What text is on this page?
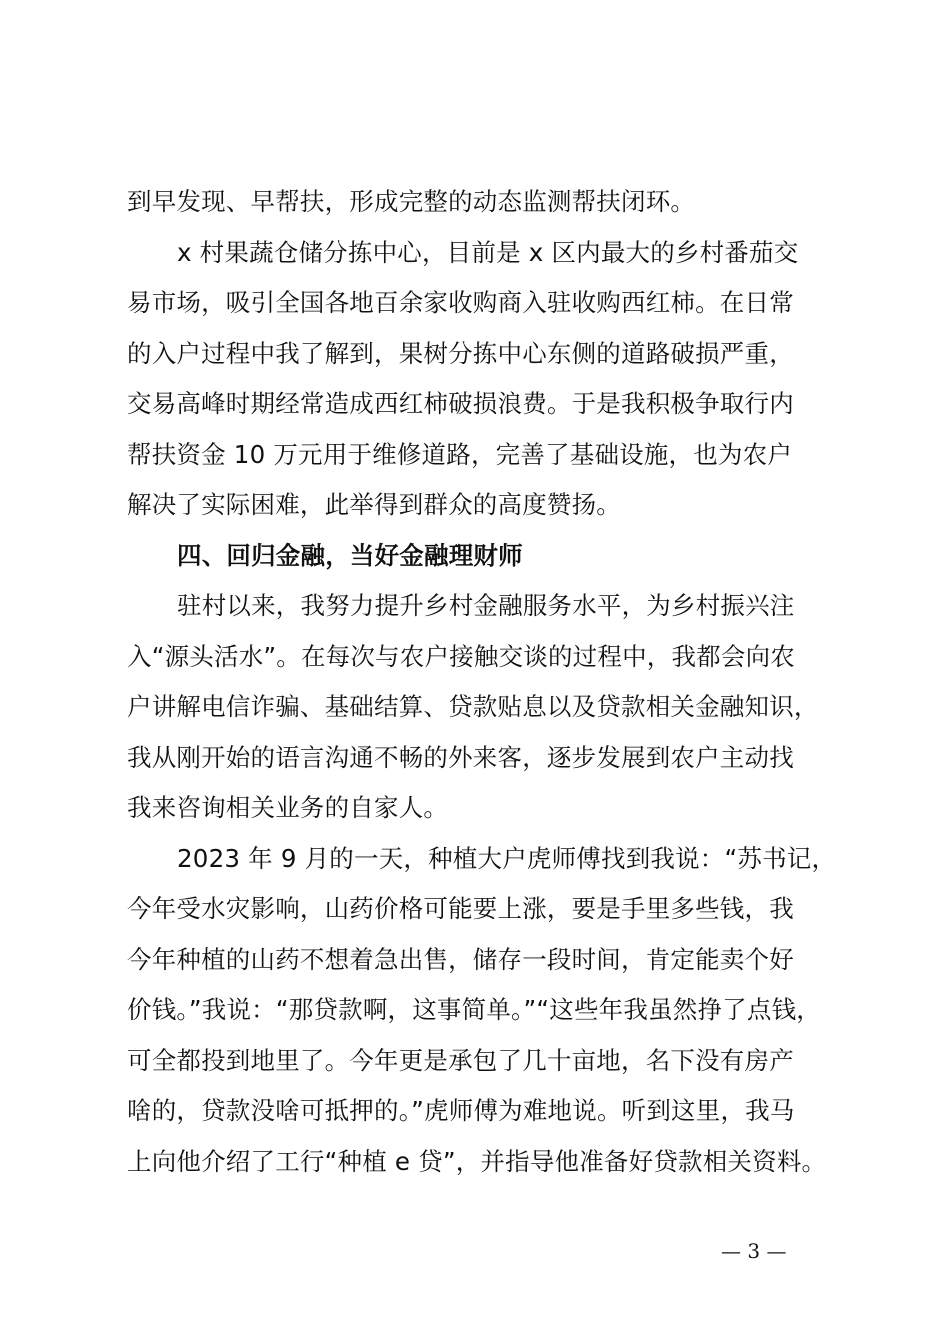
到早发现、早帮扶，形成完整的动态监测帮扶闭环。
x 村果蔬仓储分拣中心，目前是 x 区内最大的乡村番茄交
易市场，吸引全国各地百余家收购商入驻收购西红柿。在日常
的入户过程中我了解到，果树分拣中心东侧的道路破损严重，
交易高峰时期经常造成西红柿破损浪费。于是我积极争取行内
帮扶资金 10 万元用于维修道路，完善了基础设施，也为农户
解决了实际困难，此举得到群众的高度赞扬。
四、回归金融，当好金融理财师
驻村以来，我努力提升乡村金融服务水平，为乡村振兴注
入“源头活水”。在每次与农户接触交谈的过程中，我都会向农
户讲解电信诈骗、基础结算、贷款贴息以及贷款相关金融知识，
我从刚开始的语言沟通不畅的外来客，逐步发展到农户主动找
我来咨询相关业务的自家人。
2023 年 9 月的一天，种植大户虎师傅找到我说：“苏书记，
今年受水灾影响，山药价格可能要上涨，要是手里多些钱，我
今年种植的山药不想着急出售，储存一段时间，肯定能卖个好
价钱。”我说：“那贷款啊，这事简单。”“这些年我虽然挣了点钱，
可全都投到地里了。今年更是承包了几十亩地，名下没有房产
啥的，贷款没啥可抵押的。”虎师傅为难地说。听到这里，我马
上向他介绍了工行“种植 e 贷”，并指导他准备好贷款相关资料。
— 3 —
